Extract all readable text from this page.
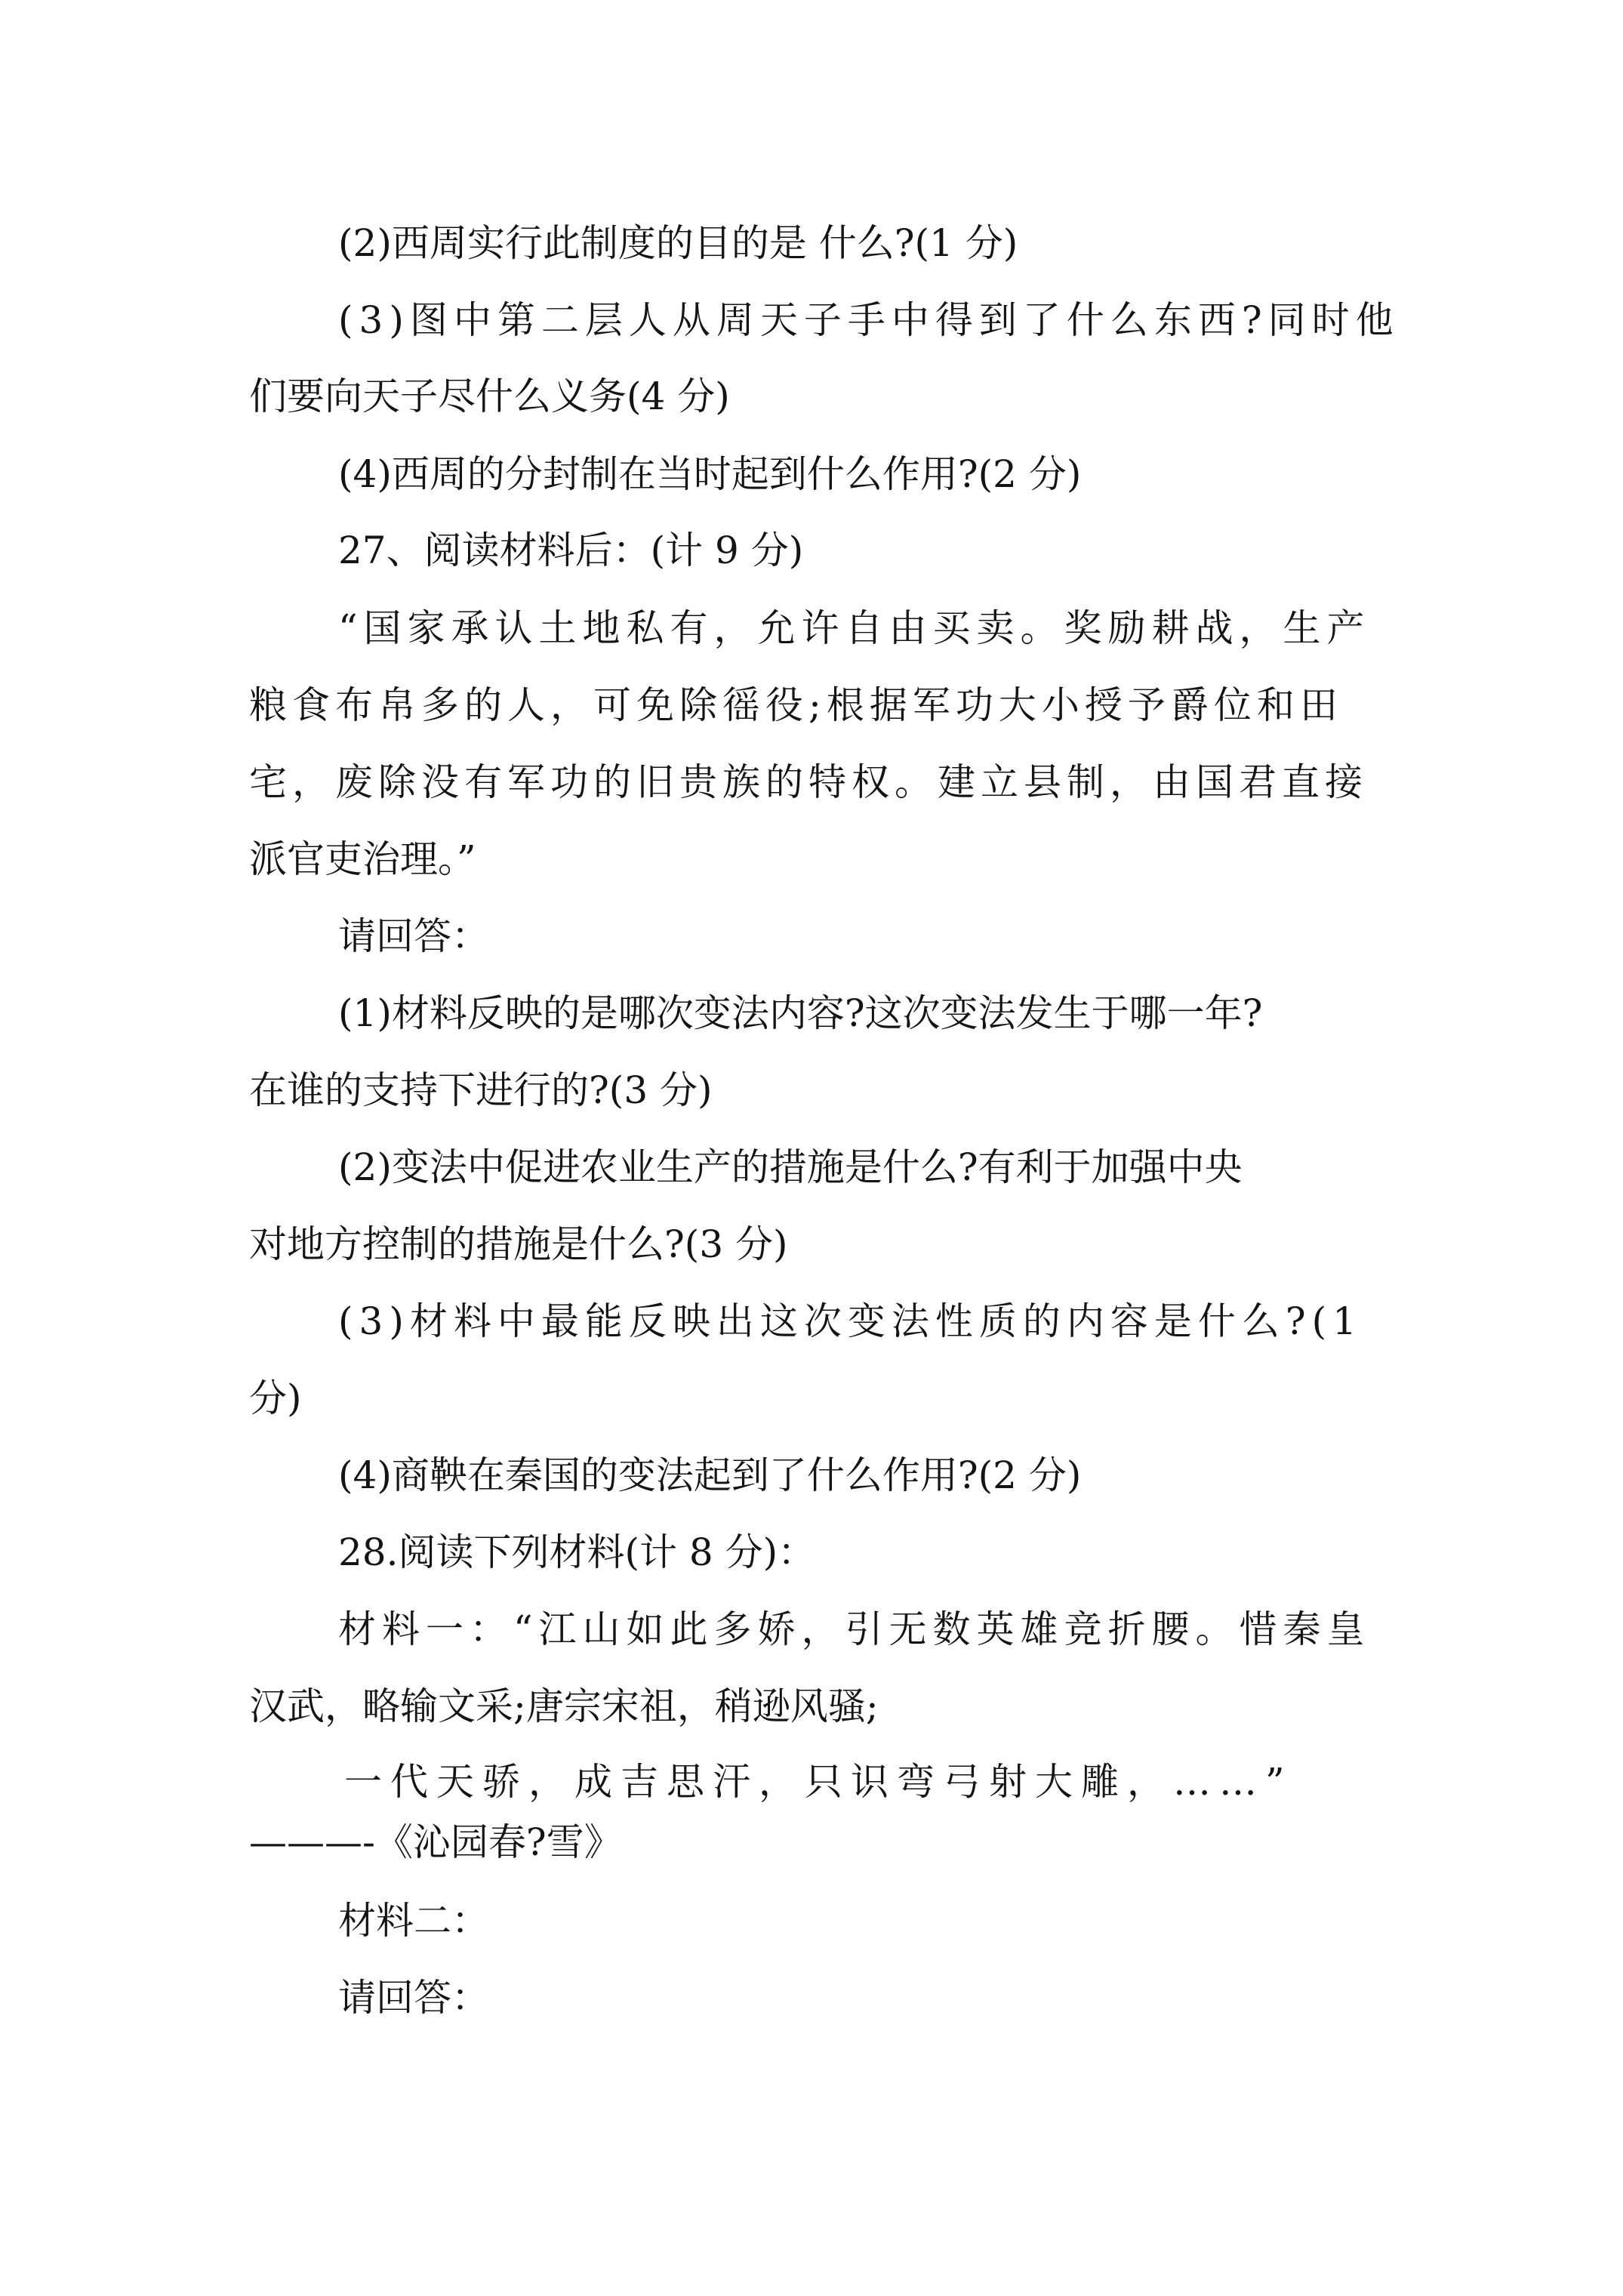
(2)西周实行此制度的目的是 什么?(1 分)
(3)图中第二层人从周天子手中得到了什么东西?同时他
们要向天子尽什么义务(4 分)
(4)西周的分封制在当时起到什么作用?(2 分)
27、阅读材料后：(计 9 分)
“国家承认土地私有，允许自由买卖。奖励耕战，生产
粮食布帛多的人，可免除徭役;根据军功大小授予爵位和田
宅，废除没有军功的旧贵族的特权。建立县制，由国君直接
派官吏治理。”
请回答：
(1)材料反映的是哪次变法内容?这次变法发生于哪一年?
在谁的支持下进行的?(3 分)
(2)变法中促进农业生产的措施是什么?有利于加强中央
对地方控制的措施是什么?(3 分)
(3)材料中最能反映出这次变法性质的内容是什么?(1
分)
(4)商鞅在秦国的变法起到了什么作用?(2 分)
28.阅读下列材料(计 8 分)：
材料一：“江山如此多娇，引无数英雄竞折腰。惜秦皇
汉武，略输文采;唐宗宋祖，稍逊风骚;
一代天骄，成吉思汗，只识弯弓射大雕，……”
———-《沁园春?雪》
材料二：
请回答：
